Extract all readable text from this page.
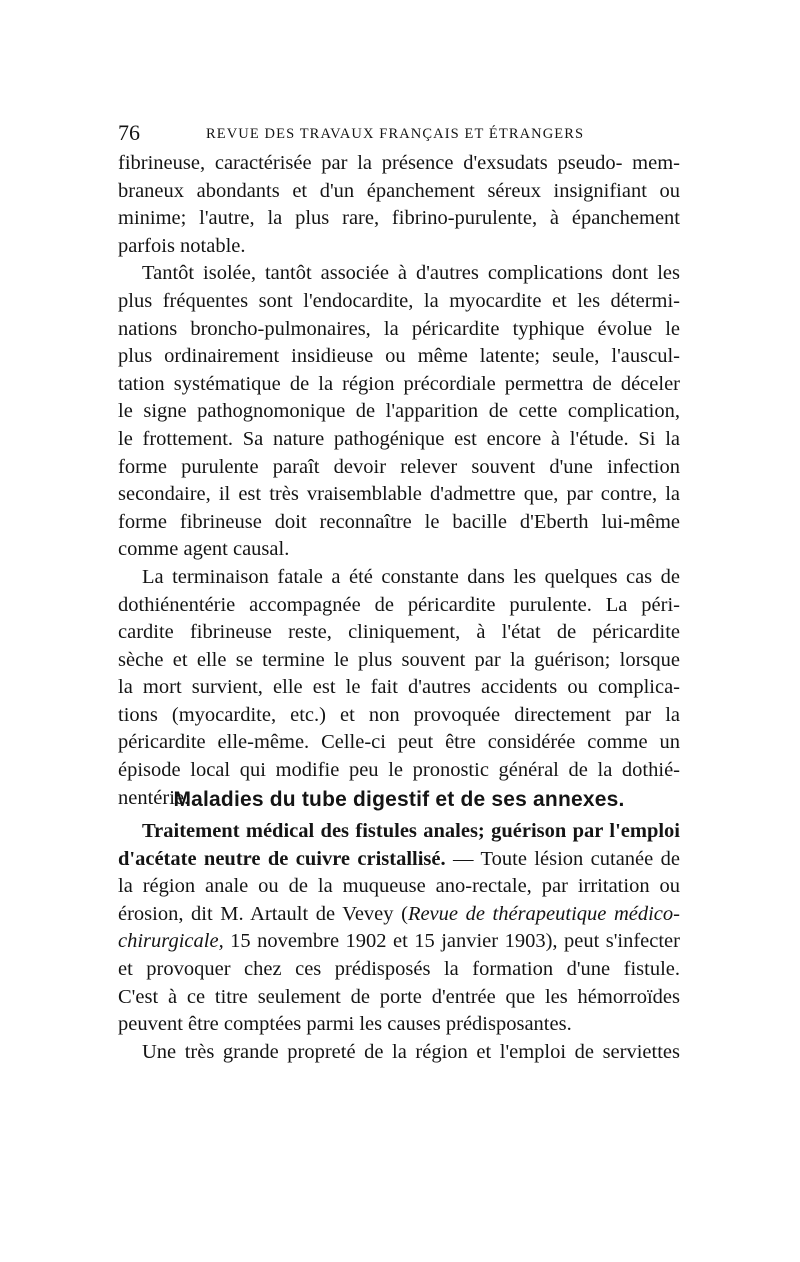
76	REVUE DES TRAVAUX FRANÇAIS ET ÉTRANGERS
fibrineuse, caractérisée par la présence d'exsudats pseudo- mem-
braneux abondants et d'un épanchement séreux insignifiant ou
minime; l'autre, la plus rare, fibrino-purulente, à épanchement
parfois notable.
Tantôt isolée, tantôt associée à d'autres complications dont les
plus fréquentes sont l'endocardite, la myocardite et les détermi-
nations broncho-pulmonaires, la péricardite typhique évolue le
plus ordinairement insidieuse ou même latente; seule, l'auscul-
tation systématique de la région précordiale permettra de déceler
le signe pathognomonique de l'apparition de cette complication,
le frottement. Sa nature pathogénique est encore à l'étude. Si la
forme purulente paraît devoir relever souvent d'une infection
secondaire, il est très vraisemblable d'admettre que, par contre, la
forme fibrineuse doit reconnaître le bacille d'Eberth lui-même
comme agent causal.
La terminaison fatale a été constante dans les quelques cas de
dothiénentérie accompagnée de péricardite purulente. La péri-
cardite fibrineuse reste, cliniquement, à l'état de péricardite
sèche et elle se termine le plus souvent par la guérison; lorsque
la mort survient, elle est le fait d'autres accidents ou complica-
tions (myocardite, etc.) et non provoquée directement par la
péricardite elle-même. Celle-ci peut être considérée comme un
épisode local qui modifie peu le pronostic général de la dothié-
nentérie.
Maladies du tube digestif et de ses annexes.
Traitement médical des fistules anales; guérison par l'emploi
d'acétate neutre de cuivre cristallisé. — Toute lésion cutanée de
la région anale ou de la muqueuse ano-rectale, par irritation ou
érosion, dit M. Artault de Vevey (Revue de thérapeutique médico-
chirurgicale, 15 novembre 1902 et 15 janvier 1903), peut s'infecter
et provoquer chez ces prédisposés la formation d'une fistule.
C'est à ce titre seulement de porte d'entrée que les hémorroïdes
peuvent être comptées parmi les causes prédisposantes.
Une très grande propreté de la région et l'emploi de serviettes
